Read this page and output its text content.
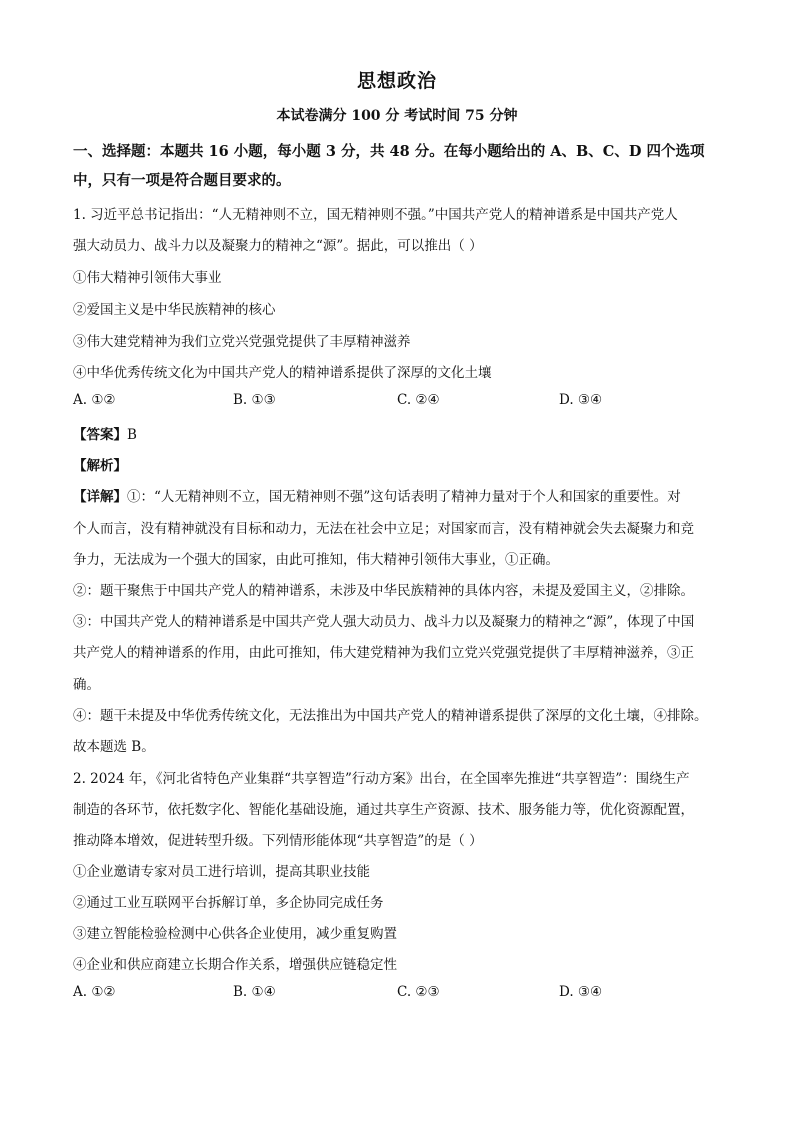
思想政治
本试卷满分 100 分 考试时间 75 分钟

一、选择题：本题共 16 小题，每小题 3 分，共 48 分。在每小题给出的 A、B、C、D 四个选项中，只有一项是符合题目要求的。

1. 习近平总书记指出：“人无精神则不立，国无精神则不强。”中国共产党人的精神谱系是中国共产党人

强大动员力、战斗力以及凝聚力的精神之“源”。据此，可以推出（ ）

①伟大精神引领伟大事业

②爱国主义是中华民族精神的核心

③伟大建党精神为我们立党兴党强党提供了丰厚精神滋养

④中华优秀传统文化为中国共产党人的精神谱系提供了深厚的文化土壤

A. ①②	B. ①③	C. ②④	D. ③④

【答案】B

【解析】

【详解】①：“人无精神则不立，国无精神则不强”这句话表明了精神力量对于个人和国家的重要性。对

个人而言，没有精神就没有目标和动力，无法在社会中立足；对国家而言，没有精神就会失去凝聚力和竞

争力，无法成为一个强大的国家，由此可推知，伟大精神引领伟大事业，①正确。

②：题干聚焦于中国共产党人的精神谱系，未涉及中华民族精神的具体内容，未提及爱国主义，②排除。

③：中国共产党人的精神谱系是中国共产党人强大动员力、战斗力以及凝聚力的精神之“源”，体现了中国

共产党人的精神谱系的作用，由此可推知，伟大建党精神为我们立党兴党强党提供了丰厚精神滋养，③正

确。

④：题干未提及中华优秀传统文化，无法推出为中国共产党人的精神谱系提供了深厚的文化土壤，④排除。

故本题选 B。

2. 2024 年，《河北省特色产业集群“共享智造”行动方案》出台，在全国率先推进“共享智造”：围绕生产

制造的各环节，依托数字化、智能化基础设施，通过共享生产资源、技术、服务能力等，优化资源配置，

推动降本增效，促进转型升级。下列情形能体现“共享智造”的是（ ）

①企业邀请专家对员工进行培训，提高其职业技能

②通过工业互联网平台拆解订单，多企协同完成任务

③建立智能检验检测中心供各企业使用，减少重复购置

④企业和供应商建立长期合作关系，增强供应链稳定性

A. ①②	B. ①④	C. ②③	D. ③④
